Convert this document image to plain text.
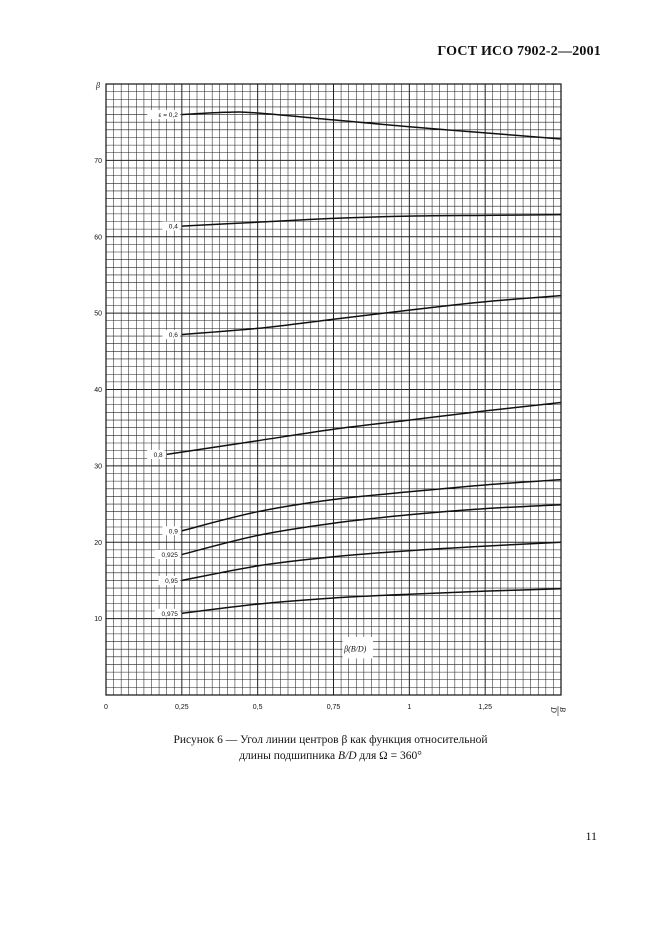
ГОСТ ИСО 7902-2—2001
0	0,25	0,5	0,75	1	1,25
10
20
30
40
50
60
70
ε = 0,2
0,4
0,6
0,8
0,9
0,925
0,95
0,975
β
B
D
β(B/D)
Рисунок 6 — Угол линии центров β как функция относительной
длины подшипника B/D для Ω = 360°
11
